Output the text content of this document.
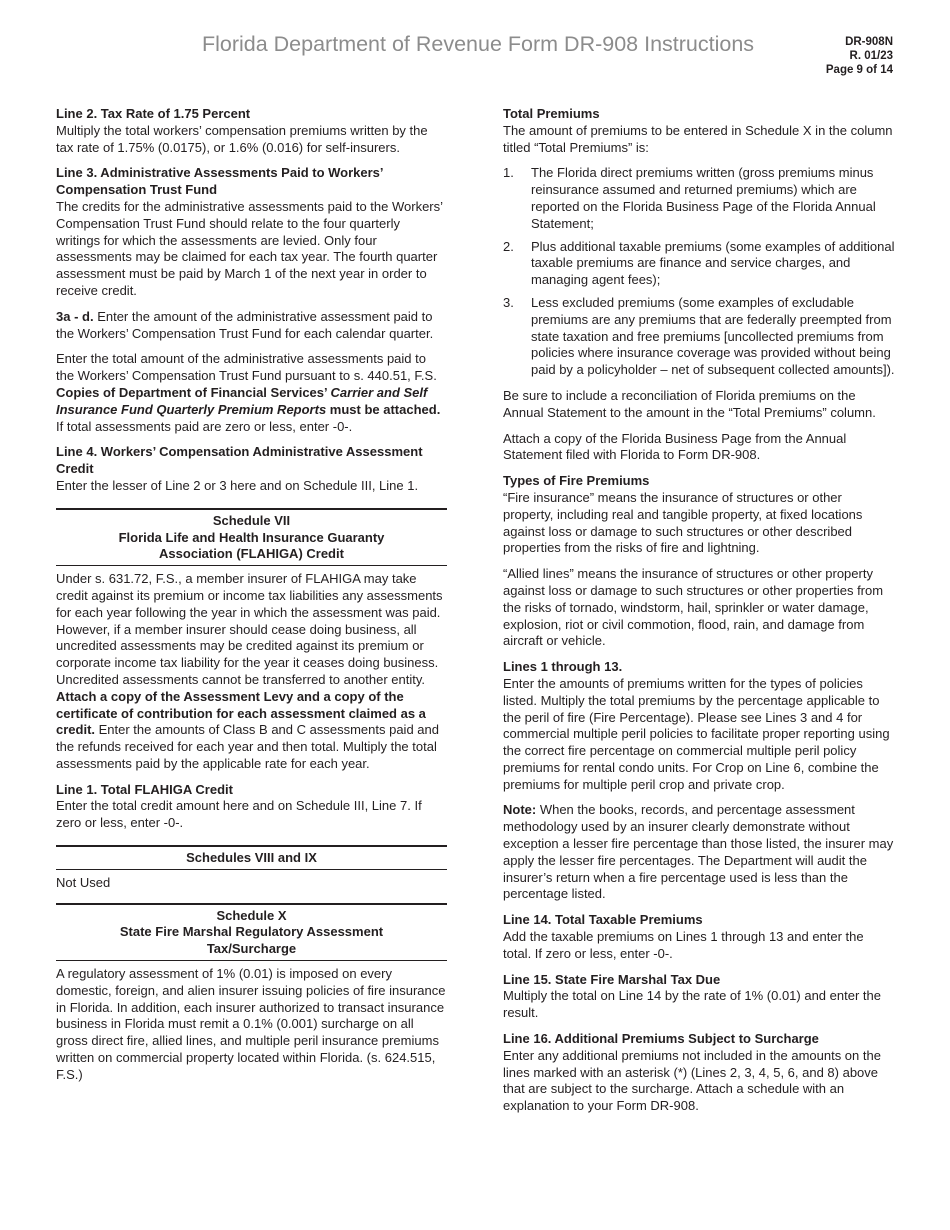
Florida Department of Revenue Form DR-908 Instructions	DR-908N
R. 01/23
Page 9 of 14

Line 2. Tax Rate of 1.75 Percent
Multiply the total workers’ compensation premiums written by the tax rate of 1.75% (0.0175), or 1.6% (0.016) for self-insurers.

Line 3. Administrative Assessments Paid to Workers’ Compensation Trust Fund
The credits for the administrative assessments paid to the Workers’ Compensation Trust Fund should relate to the four quarterly writings for which the assessments are levied. Only four assessments may be claimed for each tax year. The fourth quarter assessment must be paid by March 1 of the next year in order to receive credit.

3a - d. Enter the amount of the administrative assessment paid to the Workers’ Compensation Trust Fund for each calendar quarter.

Enter the total amount of the administrative assessments paid to the Workers’ Compensation Trust Fund pursuant to s. 440.51, F.S. Copies of Department of Financial Services’ Carrier and Self Insurance Fund Quarterly Premium Reports must be attached. If total assessments paid are zero or less, enter -0-.

Line 4. Workers’ Compensation Administrative Assessment Credit
Enter the lesser of Line 2 or 3 here and on Schedule III, Line 1.

Schedule VII
Florida Life and Health Insurance Guaranty
Association (FLAHIGA) Credit

Under s. 631.72, F.S., a member insurer of FLAHIGA may take credit against its premium or income tax liabilities any assessments for each year following the year in which the assessment was paid. However, if a member insurer should cease doing business, all uncredited assessments may be credited against its premium or corporate income tax liability for the year it ceases doing business. Uncredited assessments cannot be transferred to another entity. Attach a copy of the Assessment Levy and a copy of the certificate of contribution for each assessment claimed as a credit. Enter the amounts of Class B and C assessments paid and the refunds received for each year and then total. Multiply the total assessments paid by the applicable rate for each year.

Line 1. Total FLAHIGA Credit
Enter the total credit amount here and on Schedule III, Line 7. If zero or less, enter -0-.

Schedules VIII and IX

Not Used

Schedule X
State Fire Marshal Regulatory Assessment
Tax/Surcharge

A regulatory assessment of 1% (0.01) is imposed on every domestic, foreign, and alien insurer issuing policies of fire insurance in Florida. In addition, each insurer authorized to transact insurance business in Florida must remit a 0.1% (0.001) surcharge on all gross direct fire, allied lines, and multiple peril insurance premiums written on commercial property located within Florida. (s. 624.515, F.S.)

Total Premiums
The amount of premiums to be entered in Schedule X in the column titled “Total Premiums” is:

1. The Florida direct premiums written (gross premiums minus reinsurance assumed and returned premiums) which are reported on the Florida Business Page of the Florida Annual Statement;
2. Plus additional taxable premiums (some examples of additional taxable premiums are finance and service charges, and managing agent fees);
3. Less excluded premiums (some examples of excludable premiums are any premiums that are federally preempted from state taxation and free premiums [uncollected premiums from policies where insurance coverage was provided without being paid by a policyholder – net of subsequent collected amounts]).

Be sure to include a reconciliation of Florida premiums on the Annual Statement to the amount in the “Total Premiums” column.

Attach a copy of the Florida Business Page from the Annual Statement filed with Florida to Form DR-908.

Types of Fire Premiums
“Fire insurance” means the insurance of structures or other property, including real and tangible property, at fixed locations against loss or damage to such structures or other described properties from the risks of fire and lightning.

“Allied lines” means the insurance of structures or other property against loss or damage to such structures or other properties from the risks of tornado, windstorm, hail, sprinkler or water damage, explosion, riot or civil commotion, flood, rain, and damage from aircraft or vehicle.

Lines 1 through 13.
Enter the amounts of premiums written for the types of policies listed. Multiply the total premiums by the percentage applicable to the peril of fire (Fire Percentage). Please see Lines 3 and 4 for commercial multiple peril policies to facilitate proper reporting using the correct fire percentage on commercial multiple peril policy premiums for rental condo units. For Crop on Line 6, combine the premiums for multiple peril crop and private crop.

Note: When the books, records, and percentage assessment methodology used by an insurer clearly demonstrate without exception a lesser fire percentage than those listed, the insurer may apply the lesser fire percentages. The Department will audit the insurer’s return when a fire percentage used is less than the percentage listed.

Line 14. Total Taxable Premiums
Add the taxable premiums on Lines 1 through 13 and enter the total. If zero or less, enter -0-.

Line 15. State Fire Marshal Tax Due
Multiply the total on Line 14 by the rate of 1% (0.01) and enter the result.

Line 16. Additional Premiums Subject to Surcharge
Enter any additional premiums not included in the amounts on the lines marked with an asterisk (*) (Lines 2, 3, 4, 5, 6, and 8) above that are subject to the surcharge. Attach a schedule with an explanation to your Form DR-908.
